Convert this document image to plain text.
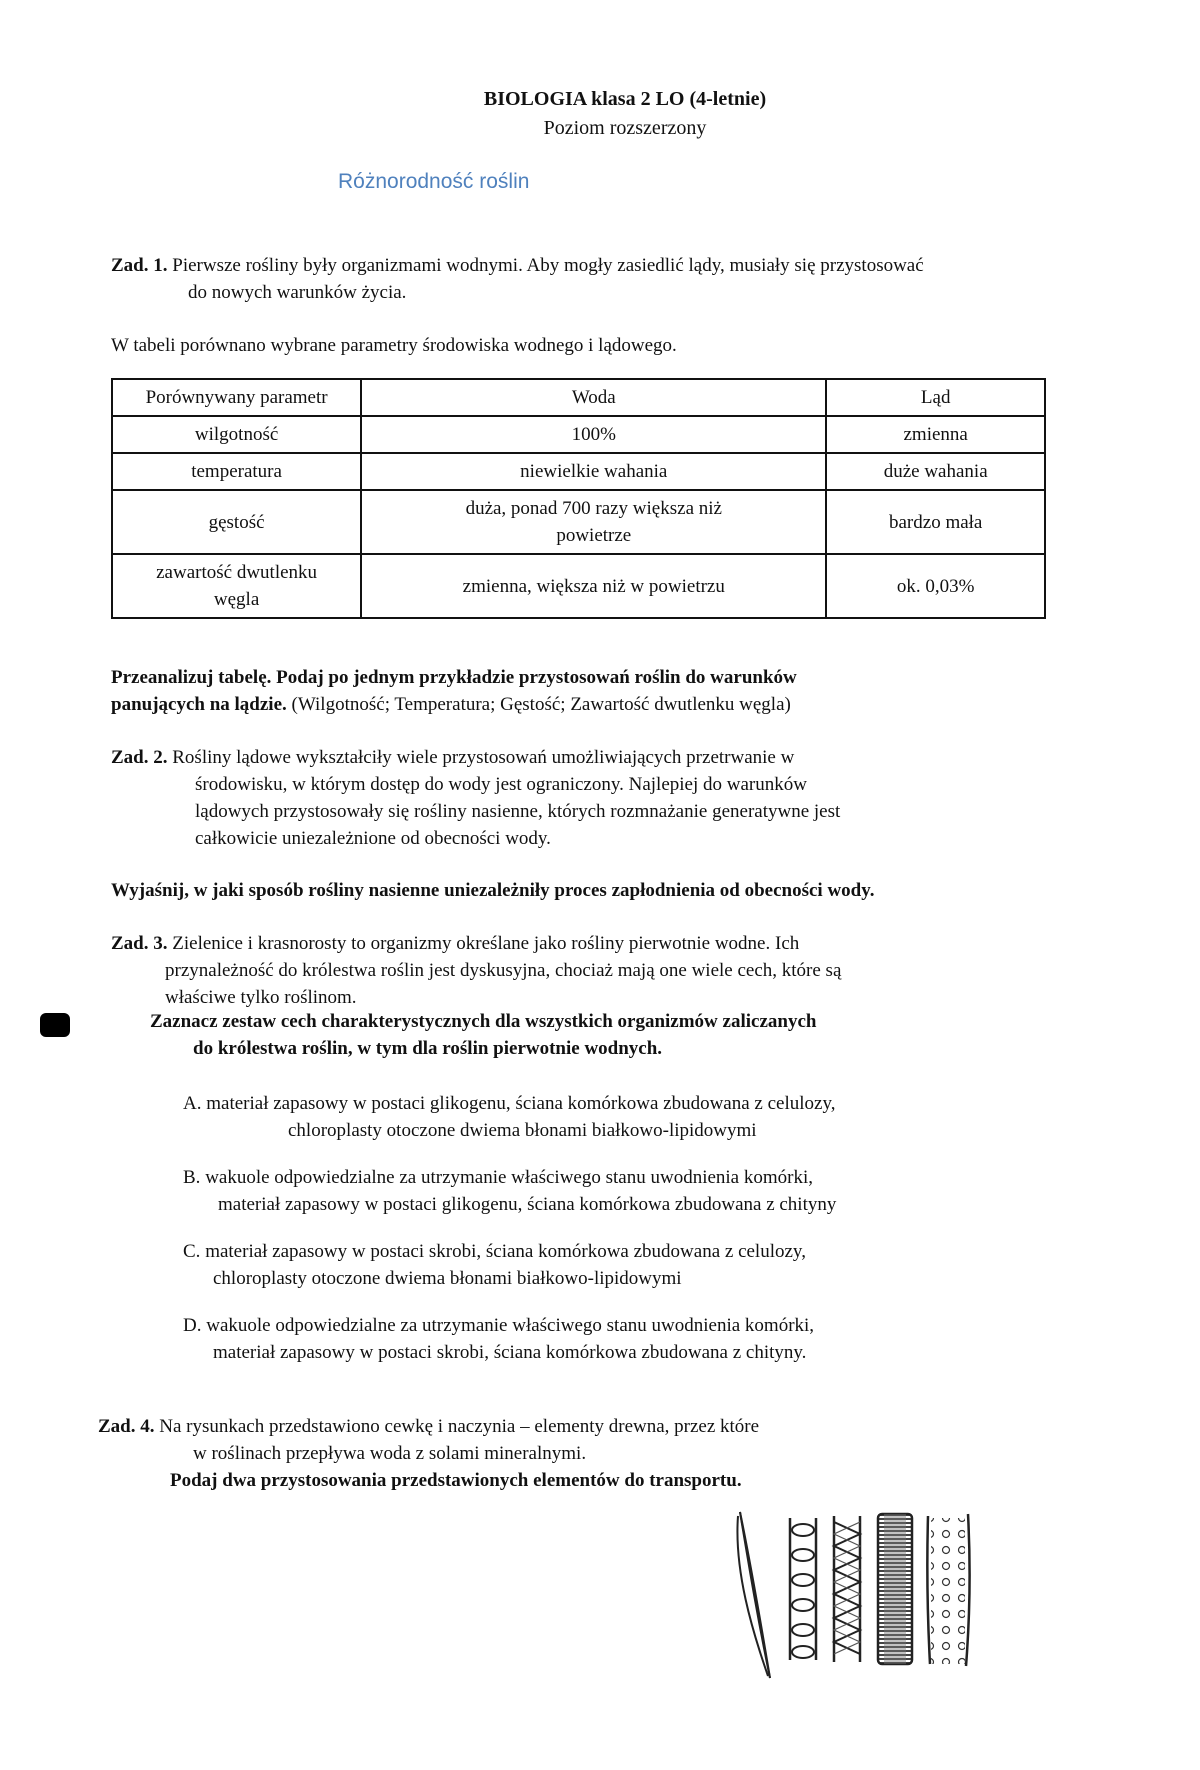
BIOLOGIA klasa 2 LO (4-letnie)
Poziom rozszerzony
Różnorodność roślin
Zad. 1. Pierwsze rośliny były organizmami wodnymi. Aby mogły zasiedlić lądy, musiały się przystosować
do nowych warunków życia.
W tabeli porównano wybrane parametry środowiska wodnego i lądowego.
Porównywany parametr	Woda	Ląd
wilgotność	100%	zmienna
temperatura	niewielkie wahania	duże wahania
gęstość	duża, ponad 700 razy większa niż powietrze	bardzo mała
zawartość dwutlenku węgla	zmienna, większa niż w powietrzu	ok. 0,03%
Przeanalizuj tabelę. Podaj po jednym przykładzie przystosowań roślin do warunków
panujących na lądzie. (Wilgotność; Temperatura; Gęstość; Zawartość dwutlenku węgla)
Zad. 2. Rośliny lądowe wykształciły wiele przystosowań umożliwiających przetrwanie w
środowisku, w którym dostęp do wody jest ograniczony. Najlepiej do warunków
lądowych przystosowały się rośliny nasienne, których rozmnażanie generatywne jest
całkowicie uniezależnione od obecności wody.
Wyjaśnij, w jaki sposób rośliny nasienne uniezależniły proces zapłodnienia od obecności wody.
Zad. 3. Zielenice i krasnorosty to organizmy określane jako rośliny pierwotnie wodne. Ich
przynależność do królestwa roślin jest dyskusyjna, chociaż mają one wiele cech, które są
właściwe tylko roślinom.
Zaznacz zestaw cech charakterystycznych dla wszystkich organizmów zaliczanych
do królestwa roślin, w tym dla roślin pierwotnie wodnych.
A. materiał zapasowy w postaci glikogenu, ściana komórkowa zbudowana z celulozy,
chloroplasty otoczone dwiema błonami białkowo-lipidowymi
B. wakuole odpowiedzialne za utrzymanie właściwego stanu uwodnienia komórki,
materiał zapasowy w postaci glikogenu, ściana komórkowa zbudowana z chityny
C. materiał zapasowy w postaci skrobi, ściana komórkowa zbudowana z celulozy,
chloroplasty otoczone dwiema błonami białkowo-lipidowymi
D. wakuole odpowiedzialne za utrzymanie właściwego stanu uwodnienia komórki,
materiał zapasowy w postaci skrobi, ściana komórkowa zbudowana z chityny.
Zad. 4. Na rysunkach przedstawiono cewkę i naczynia – elementy drewna, przez które
w roślinach przepływa woda z solami mineralnymi.
Podaj dwa przystosowania przedstawionych elementów do transportu.
